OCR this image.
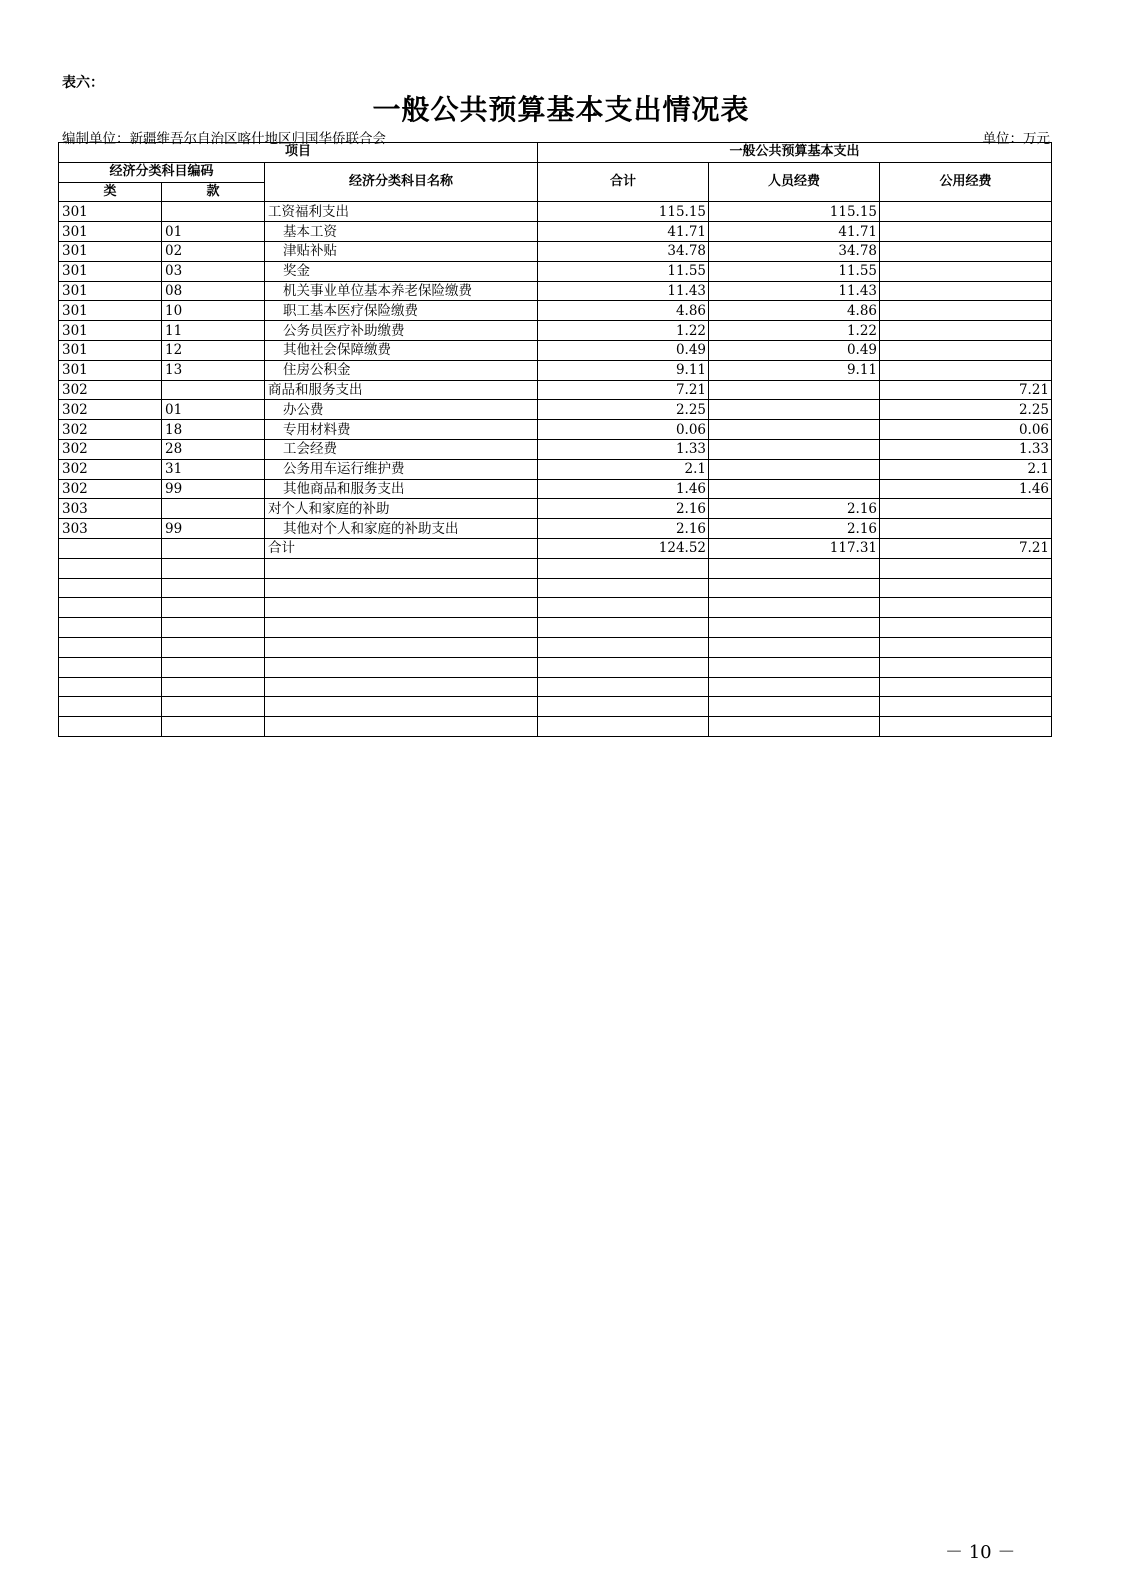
表六：
一般公共预算基本支出情况表
编制单位：新疆维吾尔自治区喀什地区归国华侨联合会	单位：万元
项目			一般公共预算基本支出		
经济分类科目编码		经济分类科目名称	合计	人员经费	公用经费
类	款				
301		工资福利支出	115.15	115.15	
301	01	基本工资	41.71	41.71	
301	02	津贴补贴	34.78	34.78	
301	03	奖金	11.55	11.55	
301	08	机关事业单位基本养老保险缴费	11.43	11.43	
301	10	职工基本医疗保险缴费	4.86	4.86	
301	11	公务员医疗补助缴费	1.22	1.22	
301	12	其他社会保障缴费	0.49	0.49	
301	13	住房公积金	9.11	9.11	
302		商品和服务支出	7.21		7.21
302	01	办公费	2.25		2.25
302	18	专用材料费	0.06		0.06
302	28	工会经费	1.33		1.33
302	31	公务用车运行维护费	2.1		2.1
302	99	其他商品和服务支出	1.46		1.46
303		对个人和家庭的补助	2.16	2.16	
303	99	其他对个人和家庭的补助支出	2.16	2.16	
		合计	124.52	117.31	7.21

－ 10 －
